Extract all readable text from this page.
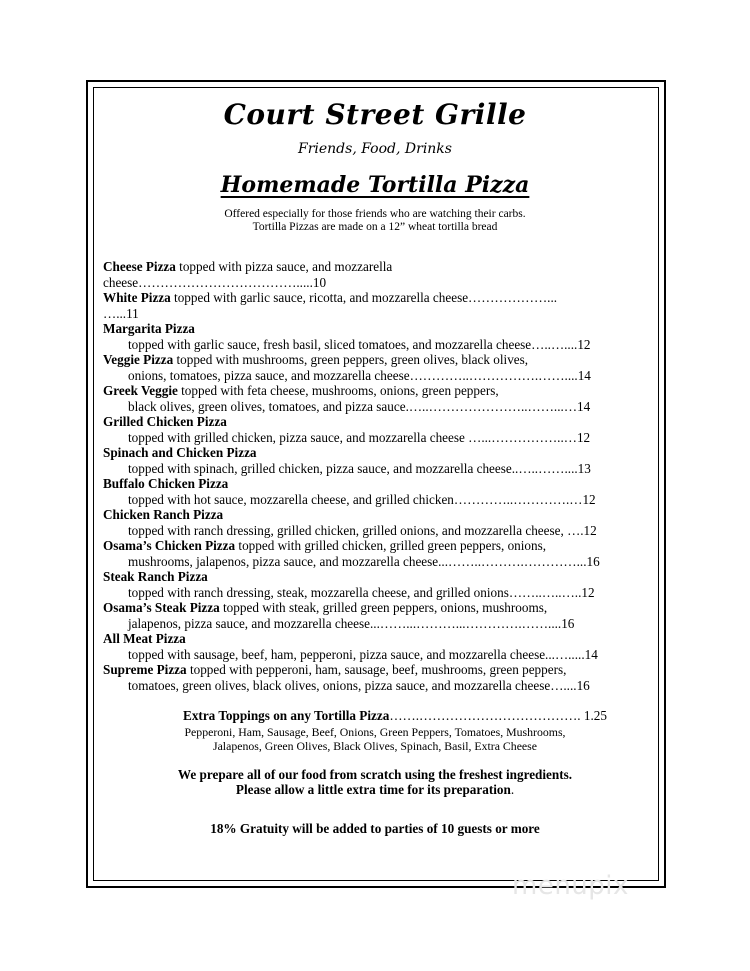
Court Street Grille
Friends, Food, Drinks
Homemade Tortilla Pizza
Offered especially for those friends who are watching their carbs.
Tortilla Pizzas are made on a 12” wheat tortilla bread
Cheese Pizza topped with pizza sauce, and mozzarella
cheese……………………………….....10
White Pizza topped with garlic sauce, ricotta, and mozzarella cheese………………...
…...11
Margarita Pizza
topped with garlic sauce, fresh basil, sliced tomatoes, and mozzarella cheese…..…....12
Veggie Pizza topped with mushrooms, green peppers, green olives, black olives,
onions, tomatoes, pizza sauce, and mozzarella cheese…………..…………….……....14
Greek Veggie topped with feta cheese, mushrooms, onions, green peppers,
black olives, green olives, tomatoes, and pizza sauce.…..…………………..……...…14
Grilled Chicken Pizza
topped with grilled chicken, pizza sauce, and mozzarella cheese …...……………..…12
Spinach and Chicken Pizza
topped with spinach, grilled chicken, pizza sauce, and mozzarella cheese..…..……....13
Buffalo Chicken Pizza
topped with hot sauce, mozzarella cheese, and grilled chicken…………..………….…12
Chicken Ranch Pizza
topped with ranch dressing, grilled chicken, grilled onions, and mozzarella cheese, ….12
Osama’s Chicken Pizza topped with grilled chicken, grilled green peppers, onions,
mushrooms, jalapenos, pizza sauce, and mozzarella cheese...……..……….…………...16
Steak Ranch Pizza
topped with ranch dressing, steak, mozzarella cheese, and grilled onions……..…..…..12
Osama’s Steak Pizza topped with steak, grilled green peppers, onions, mushrooms,
jalapenos, pizza sauce, and mozzarella cheese...……...………...………….……....16
All Meat Pizza
topped with sausage, beef, ham, pepperoni, pizza sauce, and mozzarella cheese...….....14
Supreme Pizza topped with pepperoni, ham, sausage, beef, mushrooms, green peppers,
tomatoes, green olives, black olives, onions, pizza sauce, and mozzarella cheese…....16
Extra Toppings on any Tortilla Pizza…….………………………………. 1.25
Pepperoni, Ham, Sausage, Beef, Onions, Green Peppers, Tomatoes, Mushrooms,
Jalapenos, Green Olives, Black Olives, Spinach, Basil, Extra Cheese
We prepare all of our food from scratch using the freshest ingredients.
Please allow a little extra time for its preparation.
18% Gratuity will be added to parties of 10 guests or more
menupix
